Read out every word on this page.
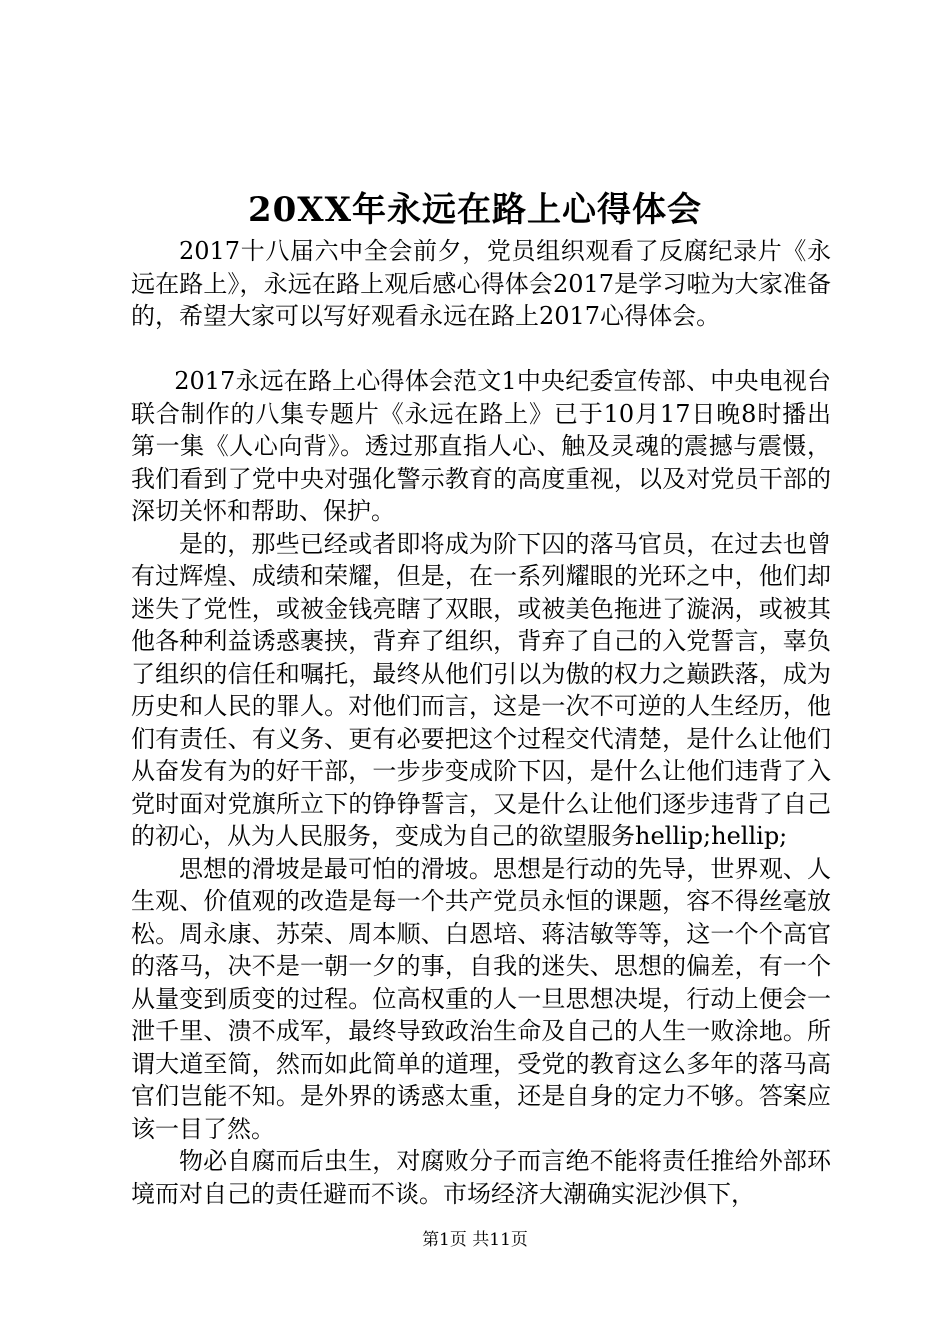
20XX年永远在路上心得体会

2017十八届六中全会前夕，党员组织观看了反腐纪录片《永远在路上》，永远在路上观后感心得体会2017是学习啦为大家准备的，希望大家可以写好观看永远在路上2017心得体会。

2017永远在路上心得体会范文1中央纪委宣传部、中央电视台联合制作的八集专题片《永远在路上》已于10月17日晚8时播出第一集《人心向背》。透过那直指人心、触及灵魂的震撼与震慑，我们看到了党中央对强化警示教育的高度重视，以及对党员干部的深切关怀和帮助、保护。

是的，那些已经或者即将成为阶下囚的落马官员，在过去也曾有过辉煌、成绩和荣耀，但是，在一系列耀眼的光环之中，他们却迷失了党性，或被金钱亮瞎了双眼，或被美色拖进了漩涡，或被其他各种利益诱惑裹挟，背弃了组织，背弃了自己的入党誓言，辜负了组织的信任和嘱托，最终从他们引以为傲的权力之巅跌落，成为历史和人民的罪人。对他们而言，这是一次不可逆的人生经历，他们有责任、有义务、更有必要把这个过程交代清楚，是什么让他们从奋发有为的好干部，一步步变成阶下囚，是什么让他们违背了入党时面对党旗所立下的铮铮誓言，又是什么让他们逐步违背了自己的初心，从为人民服务，变成为自己的欲望服务hellip;hellip;

思想的滑坡是最可怕的滑坡。思想是行动的先导，世界观、人生观、价值观的改造是每一个共产党员永恒的课题，容不得丝毫放松。周永康、苏荣、周本顺、白恩培、蒋洁敏等等，这一个个高官的落马，决不是一朝一夕的事，自我的迷失、思想的偏差，有一个从量变到质变的过程。位高权重的人一旦思想决堤，行动上便会一泄千里、溃不成军，最终导致政治生命及自己的人生一败涂地。所谓大道至简，然而如此简单的道理，受党的教育这么多年的落马高官们岂能不知。是外界的诱惑太重，还是自身的定力不够。答案应该一目了然。

物必自腐而后虫生，对腐败分子而言绝不能将责任推给外部环境而对自己的责任避而不谈。市场经济大潮确实泥沙俱下，

第1页 共11页
